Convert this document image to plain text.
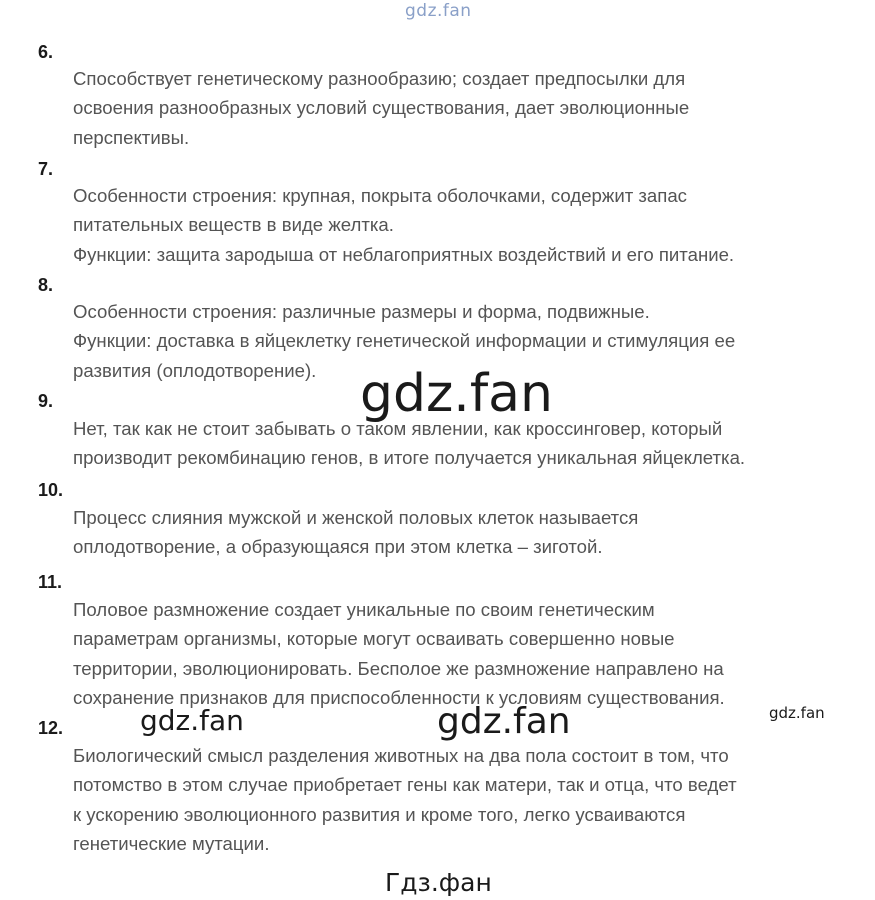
gdz.fan
6.

Способствует генетическому разнообразию; создает предпосылки для
освоения разнообразных условий существования, дает эволюционные
перспективы.

7.

Особенности строения: крупная, покрыта оболочками, содержит запас
питательных веществ в виде желтка.
Функции: защита зародыша от неблагоприятных воздействий и его питание.

8.

Особенности строения: различные размеры и форма, подвижные.
Функции: доставка в яйцеклетку генетической информации и стимуляция ее
развития (оплодотворение).

9.

Нет, так как не стоит забывать о таком явлении, как кроссинговер, который
производит рекомбинацию генов, в итоге получается уникальная яйцеклетка.

10.

Процесс слияния мужской и женской половых клеток называется
оплодотворение, а образующаяся при этом клетка – зиготой.

11.

Половое размножение создает уникальные по своим генетическим
параметрам организмы, которые могут осваивать совершенно новые
территории, эволюционировать. Бесполое же размножение направлено на
сохранение признаков для приспособленности к условиям существования.

12.

Биологический смысл разделения животных на два пола состоит в том, что
потомство в этом случае приобретает гены как матери, так и отца, что ведет
к ускорению эволюционного развития и кроме того, легко усваиваются
генетические мутации.

gdz.fan
gdz.fan	gdz.fan	gdz.fan
Гдз.фан
